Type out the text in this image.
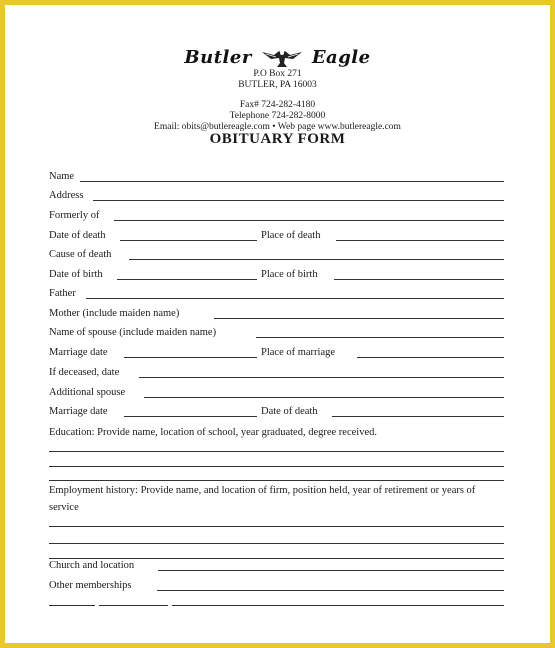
Butler	Eagle
P.O Box 271
BUTLER, PA 16003
Fax# 724-282-4180
Telephone 724-282-8000
Email: obits@butlereagle.com • Web page www.butlereagle.com
OBITUARY FORM
Name
Address
Formerly of
Date of death	Place of death
Cause of death
Date of birth	Place of birth
Father
Mother (include maiden name)
Name of spouse (include maiden name)
Marriage date	Place of marriage
If deceased, date
Additional spouse
Marriage date	Date of death
Education: Provide name, location of school, year graduated, degree received.
Employment history: Provide name, and location of firm, position held, year of retirement or years of service
Church and location
Other memberships
